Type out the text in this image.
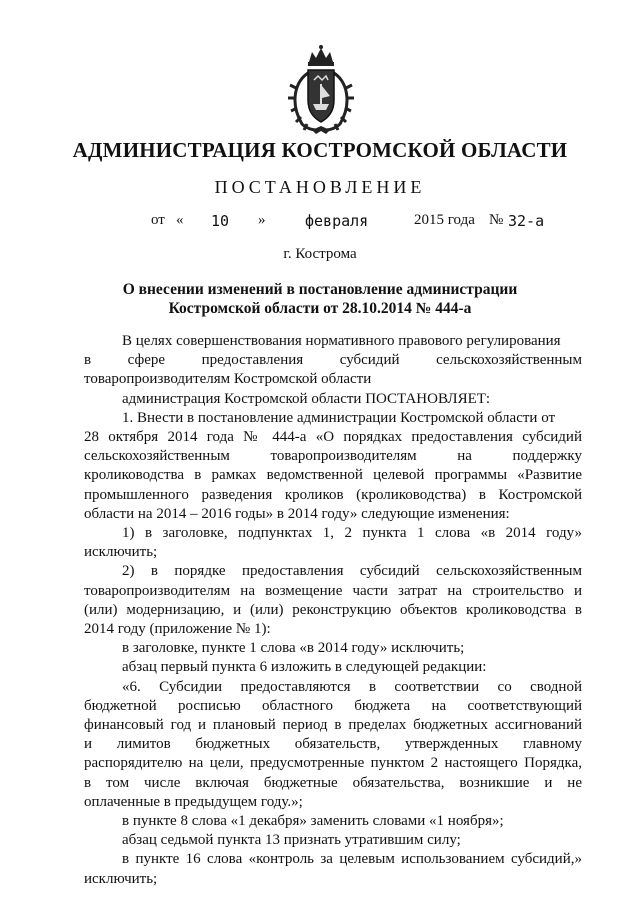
АДМИНИСТРАЦИЯ КОСТРОМСКОЙ ОБЛАСТИ
ПОСТАНОВЛЕНИЕ
от « 10 »	февраля	2015 года № 32-а
г. Кострома
О внесении изменений в постановление администрации
Костромской области от 28.10.2014 № 444-а

В целях совершенствования нормативного правового регулирования

в сфере предоставления субсидий сельскохозяйственным

товаропроизводителям Костромской области

администрация Костромской области ПОСТАНОВЛЯЕТ:

1. Внести в постановление администрации Костромской области от

28 октября 2014 года № 444-а «О порядках предоставления субсидий

сельскохозяйственным товаропроизводителям на поддержку

кролиководства в рамках ведомственной целевой программы «Развитие

промышленного разведения кроликов (кролиководства) в Костромской

области на 2014 – 2016 годы» в 2014 году» следующие изменения:

1) в заголовке, подпунктах 1, 2 пункта 1 слова «в 2014 году»

исключить;

2) в порядке предоставления субсидий сельскохозяйственным

товаропроизводителям на возмещение части затрат на строительство и

(или) модернизацию, и (или) реконструкцию объектов кролиководства в

2014 году (приложение № 1):

в заголовке, пункте 1 слова «в 2014 году» исключить;

абзац первый пункта 6 изложить в следующей редакции:

«6. Субсидии предоставляются в соответствии со сводной

бюджетной росписью областного бюджета на соответствующий

финансовый год и плановый период в пределах бюджетных ассигнований

и лимитов бюджетных обязательств, утвержденных главному

распорядителю на цели, предусмотренные пунктом 2 настоящего Порядка,

в том числе включая бюджетные обязательства, возникшие и не

оплаченные в предыдущем году.»;

в пункте 8 слова «1 декабря» заменить словами «1 ноября»;

абзац седьмой пункта 13 признать утратившим силу;

в пункте 16 слова «контроль за целевым использованием субсидий,»

исключить;
